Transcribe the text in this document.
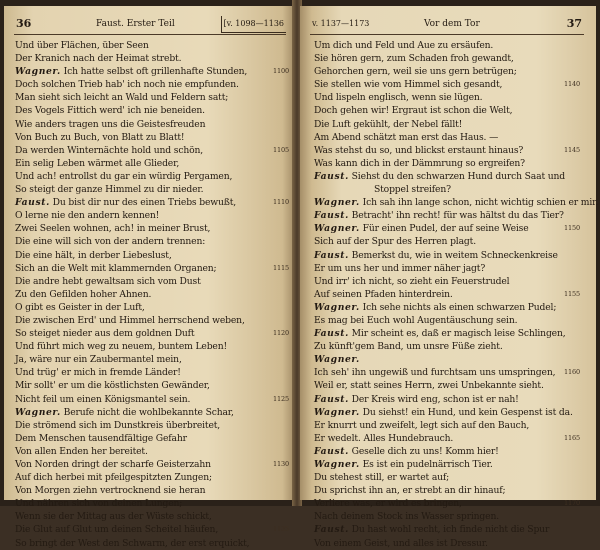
36	Faust. Erster Teil	[v. 1098—1136
Und über Flächen, über Seen
Der Kranich nach der Heimat strebt.
Wagner. Ich hatte selbst oft grillenhafte Stunden,	1100
Doch solchen Trieb hab' ich noch nie empfunden.
Man sieht sich leicht an Wald und Feldern satt;
Des Vogels Fittich werd' ich nie beneiden.
Wie anders tragen uns die Geistesfreuden
Von Buch zu Buch, von Blatt zu Blatt!
Da werden Winternächte hold und schön,	1105
Ein selig Leben wärmet alle Glieder,
Und ach! entrollst du gar ein würdig Pergamen,
So steigt der ganze Himmel zu dir nieder.
Faust. Du bist dir nur des einen Triebs bewußt,	1110
O lerne nie den andern kennen!
Zwei Seelen wohnen, ach! in meiner Brust,
Die eine will sich von der andern trennen:
Die eine hält, in derber Liebeslust,
Sich an die Welt mit klammernden Organen;	1115
Die andre hebt gewaltsam sich vom Dust
Zu den Gefilden hoher Ahnen.
O gibt es Geister in der Luft,
Die zwischen Erd' und Himmel herrschend weben,
So steiget nieder aus dem goldnen Duft	1120
Und führt mich weg zu neuem, buntem Leben!
Ja, wäre nur ein Zaubermantel mein,
Und trüg' er mich in fremde Länder!
Mir sollt' er um die köstlichsten Gewänder,
Nicht feil um einen Königsmantel sein.	1125
Wagner. Berufe nicht die wohlbekannte Schar,
Die strömend sich im Dunstkreis überbreitet,
Dem Menschen tausendfältige Gefahr
Von allen Enden her bereitet.
Von Norden dringt der scharfe Geisterzahn	1130
Auf dich herbei mit pfeilgespitzten Zungen;
Von Morgen ziehn vertrocknend sie heran
Und nähren sich von deinen Lungen;
Wenn sie der Mittag aus der Wüste schickt,
Die Glut auf Glut um deinen Scheitel häufen,	1135
So bringt der West den Schwarm, der erst erquickt,
v. 1137—1173	Vor dem Tor	37
Um dich und Feld und Aue zu ersäufen.
Sie hören gern, zum Schaden froh gewandt,
Gehorchen gern, weil sie uns gern betrügen;
Sie stellen wie vom Himmel sich gesandt,	1140
Und lispeln englisch, wenn sie lügen.
Doch gehen wir! Ergraut ist schon die Welt,
Die Luft gekühlt, der Nebel fällt!
Am Abend schätzt man erst das Haus. —
Was stehst du so, und blickst erstaunt hinaus?	1145
Was kann dich in der Dämmrung so ergreifen?
Faust. Siehst du den schwarzen Hund durch Saat und
Stoppel streifen?
Wagner. Ich sah ihn lange schon, nicht wichtig schien er mir.
Faust. Betracht' ihn recht! für was hältst du das Tier?
Wagner. Für einen Pudel, der auf seine Weise	1150
Sich auf der Spur des Herren plagt.
Faust. Bemerkst du, wie in weitem Schneckenkreise
Er um uns her und immer näher jagt?
Und irr' ich nicht, so zieht ein Feuerstrudel
Auf seinen Pfaden hinterdrein.	1155
Wagner. Ich sehe nichts als einen schwarzen Pudel;
Es mag bei Euch wohl Augentäuschung sein.
Faust. Mir scheint es, daß er magisch leise Schlingen,
Zu künft'gem Band, um unsre Füße zieht.
Wagner.
Ich seh' ihn ungewiß und furchtsam uns umspringen, 1160
Weil er, statt seines Herrn, zwei Unbekannte sieht.
Faust. Der Kreis wird eng, schon ist er nah!
Wagner. Du siehst! ein Hund, und kein Gespenst ist da.
Er knurrt und zweifelt, legt sich auf den Bauch,
Er wedelt. Alles Hundebrauch.	1165
Faust. Geselle dich zu uns! Komm hier!
Wagner. Es ist ein pudelnärrisch Tier.
Du stehest still, er wartet auf;
Du sprichst ihn an, er strebt an dir hinauf;
Verliere was, er wird es bringen,	1170
Nach deinem Stock ins Wasser springen.
Faust. Du hast wohl recht, ich finde nicht die Spur
Von einem Geist, und alles ist Dressur.
